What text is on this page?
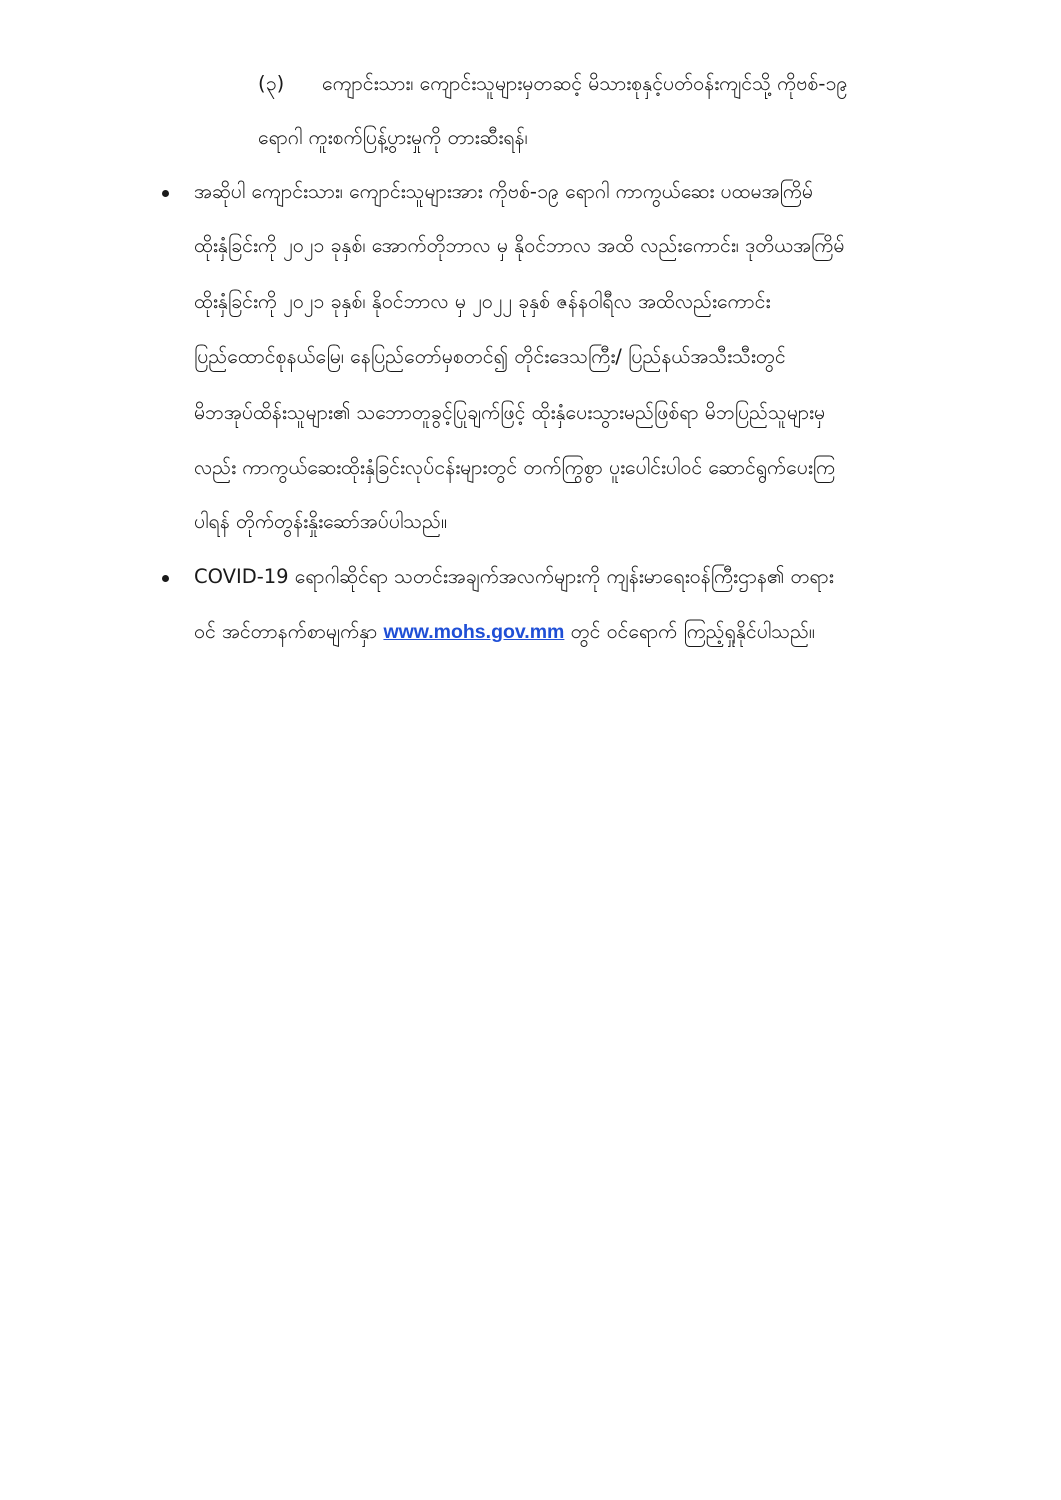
(၃) ကျောင်းသား၊ ကျောင်းသူများမှတဆင့် မိသားစုနှင့်ပတ်ဝန်းကျင်သို့ ကိုဗစ်-၁၉
ရောဂါ ကူးစက်ပြန့်ပွားမှုကို တားဆီးရန်၊
အဆိုပါ ကျောင်းသား၊ ကျောင်းသူများအား ကိုဗစ်-၁၉ ရောဂါ ကာကွယ်ဆေး ပထမအကြိမ်
ထိုးနှံခြင်းကို ၂၀၂၁ ခုနှစ်၊ အောက်တိုဘာလ မှ နိုဝင်ဘာလ အထိ လည်းကောင်း၊ ဒုတိယအကြိမ်
ထိုးနှံခြင်းကို ၂၀၂၁ ခုနှစ်၊ နိုဝင်ဘာလ မှ ၂၀၂၂ ခုနှစ် ဇန်နဝါရီလ အထိလည်းကောင်း
ပြည်ထောင်စုနယ်မြေ၊ နေပြည်တော်မှစတင်၍ တိုင်းဒေသကြီး/ ပြည်နယ်အသီးသီးတွင်
မိဘအုပ်ထိန်းသူများ၏ သဘောတူခွင့်ပြုချက်ဖြင့် ထိုးနှံပေးသွားမည်ဖြစ်ရာ မိဘပြည်သူများမှ
လည်း ကာကွယ်ဆေးထိုးနှံခြင်းလုပ်ငန်းများတွင် တက်ကြွစွာ ပူးပေါင်းပါဝင် ဆောင်ရွက်ပေးကြ
ပါရန် တိုက်တွန်းနှိုးဆော်အပ်ပါသည်။
COVID-19 ရောဂါဆိုင်ရာ သတင်းအချက်အလက်များကို ကျန်းမာရေးဝန်ကြီးဌာန၏ တရား
ဝင် အင်တာနက်စာမျက်နှာ www.mohs.gov.mm တွင် ဝင်ရောက် ကြည့်ရှုနိုင်ပါသည်။
